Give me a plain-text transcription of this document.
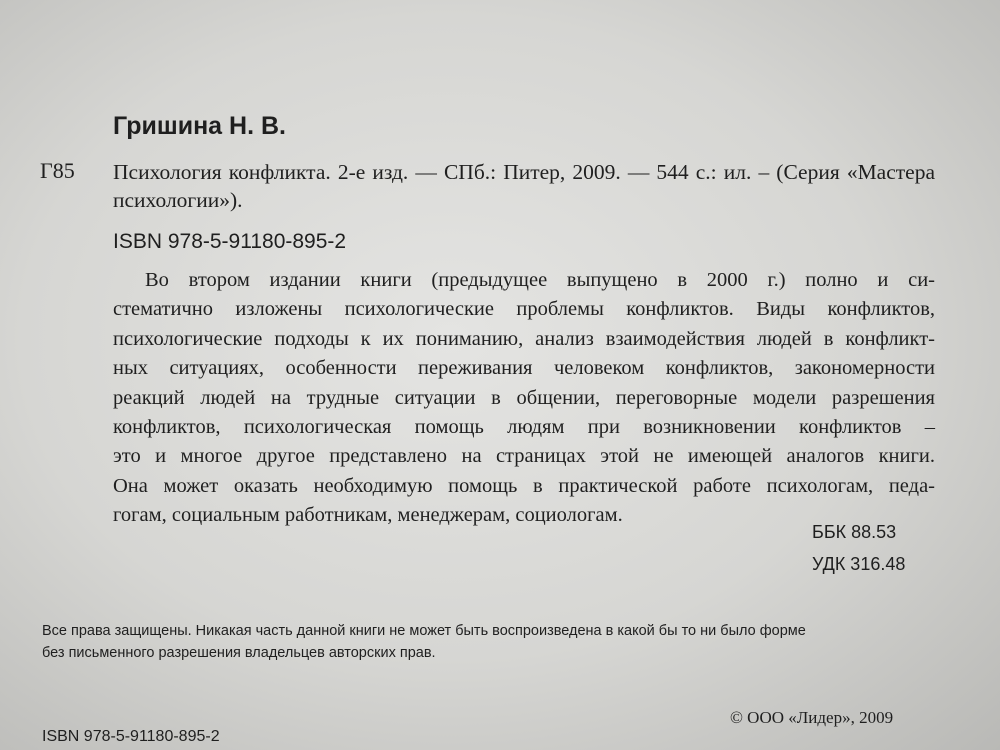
Гришина Н. В.
Г85 Психология конфликта. 2-е изд. — СПб.: Питер, 2009. — 544 с.: ил. – (Серия «Мастера психологии»).
ISBN 978-5-91180-895-2
Во втором издании книги (предыдущее выпущено в 2000 г.) полно и си-
стематично изложены психологические проблемы конфликтов. Виды конфликтов,
психологические подходы к их пониманию, анализ взаимодействия людей в конфликт-
ных ситуациях, особенности переживания человеком конфликтов, закономерности
реакций людей на трудные ситуации в общении, переговорные модели разрешения
конфликтов, психологическая помощь людям при возникновении конфликтов –
это и многое другое представлено на страницах этой не имеющей аналогов книги.
Она может оказать необходимую помощь в практической работе психологам, педа-
гогам, социальным работникам, менеджерам, социологам.
ББК 88.53
УДК 316.48
Все права защищены. Никакая часть данной книги не может быть воспроизведена в какой бы то ни было форме
без письменного разрешения владельцев авторских прав.
© ООО «Лидер», 2009
ISBN 978-5-91180-895-2
